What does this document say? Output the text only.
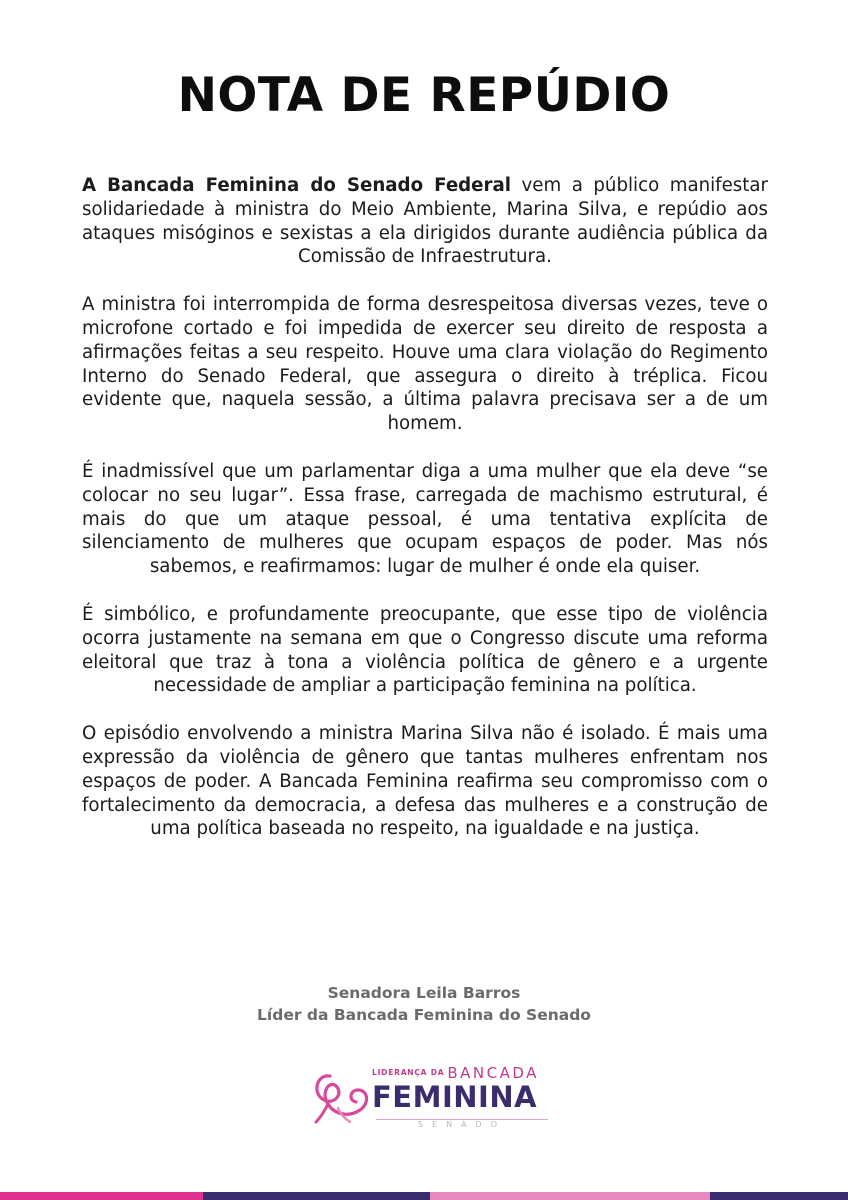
NOTA DE REPÚDIO

A Bancada Feminina do Senado Federal vem a público manifestar solidariedade à ministra do Meio Ambiente, Marina Silva, e repúdio aos ataques misóginos e sexistas a ela dirigidos durante audiência pública da Comissão de Infraestrutura.

A ministra foi interrompida de forma desrespeitosa diversas vezes, teve o microfone cortado e foi impedida de exercer seu direito de resposta a afirmações feitas a seu respeito. Houve uma clara violação do Regimento Interno do Senado Federal, que assegura o direito à tréplica. Ficou evidente que, naquela sessão, a última palavra precisava ser a de um homem.

É inadmissível que um parlamentar diga a uma mulher que ela deve “se colocar no seu lugar”. Essa frase, carregada de machismo estrutural, é mais do que um ataque pessoal, é uma tentativa explícita de silenciamento de mulheres que ocupam espaços de poder. Mas nós sabemos, e reafirmamos: lugar de mulher é onde ela quiser.

É simbólico, e profundamente preocupante, que esse tipo de violência ocorra justamente na semana em que o Congresso discute uma reforma eleitoral que traz à tona a violência política de gênero e a urgente necessidade de ampliar a participação feminina na política.

O episódio envolvendo a ministra Marina Silva não é isolado. É mais uma expressão da violência de gênero que tantas mulheres enfrentam nos espaços de poder. A Bancada Feminina reafirma seu compromisso com o fortalecimento da democracia, a defesa das mulheres e a construção de uma política baseada no respeito, na igualdade e na justiça.

Senadora Leila Barros
Líder da Bancada Feminina do Senado
LIDERANÇA DA BANCADA
FEMININA
SENADO
